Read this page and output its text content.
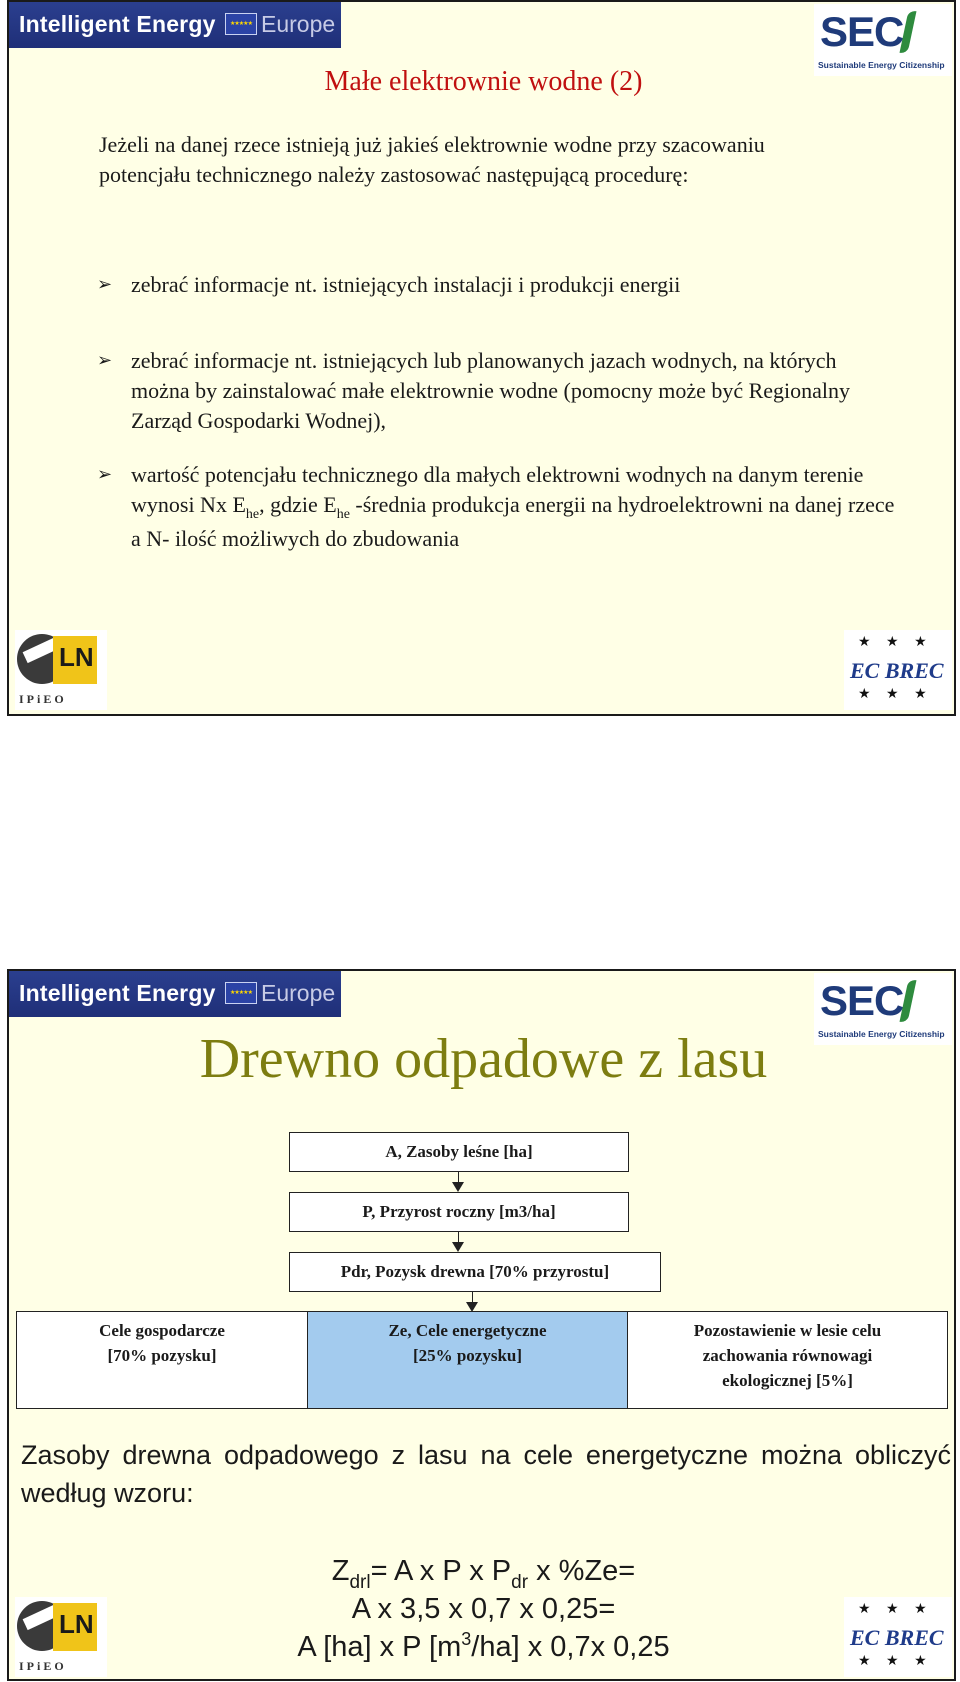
Intelligent Energy	★★★★★ Europe	SEC
Sustainable Energy Citizenship
Małe elektrownie wodne (2)
Jeżeli na danej rzece istnieją już jakieś elektrownie wodne przy szacowaniu potencjału technicznego należy zastosować następującą procedurę:
➢ zebrać informacje nt. istniejących instalacji i produkcji energii
➢ zebrać informacje nt. istniejących lub planowanych jazach wodnych, na których można by zainstalować małe elektrownie wodne (pomocny może być Regionalny Zarząd Gospodarki Wodnej),
➢ wartość potencjału technicznego dla małych elektrowni wodnych na danym terenie wynosi Nx $E_{he}$, gdzie $E_{he}$ -średnia produkcja energii na hydroelektrowni na danej rzece a N- ilość możliwych do zbudowania
LN
IPiEO
★ ★ ★
EC BREC
★ ★ ★
Intelligent Energy	★★★★★ Europe	SEC
Sustainable Energy Citizenship
Drewno odpadowe z lasu
A, Zasoby leśne [ha]
P, Przyrost roczny [m3/ha]
Pdr, Pozysk drewna [70% przyrostu]
Cele gospodarcze
[70% pozysku]
Ze, Cele energetyczne
[25% pozysku]
Pozostawienie w lesie celu
zachowania równowagi
ekologicznej [5%]
Zasoby drewna odpadowego z lasu na cele energetyczne można obliczyć według wzoru:
$Z_{drl}= A$ x P x $P_{dr}$ x %Ze=
A x 3,5 x 0,7 x 0,25=
A [ha] x P $[m^3/ha]$ x 0,7x 0,25
LN
IPiEO
★ ★ ★
EC BREC
★ ★ ★
